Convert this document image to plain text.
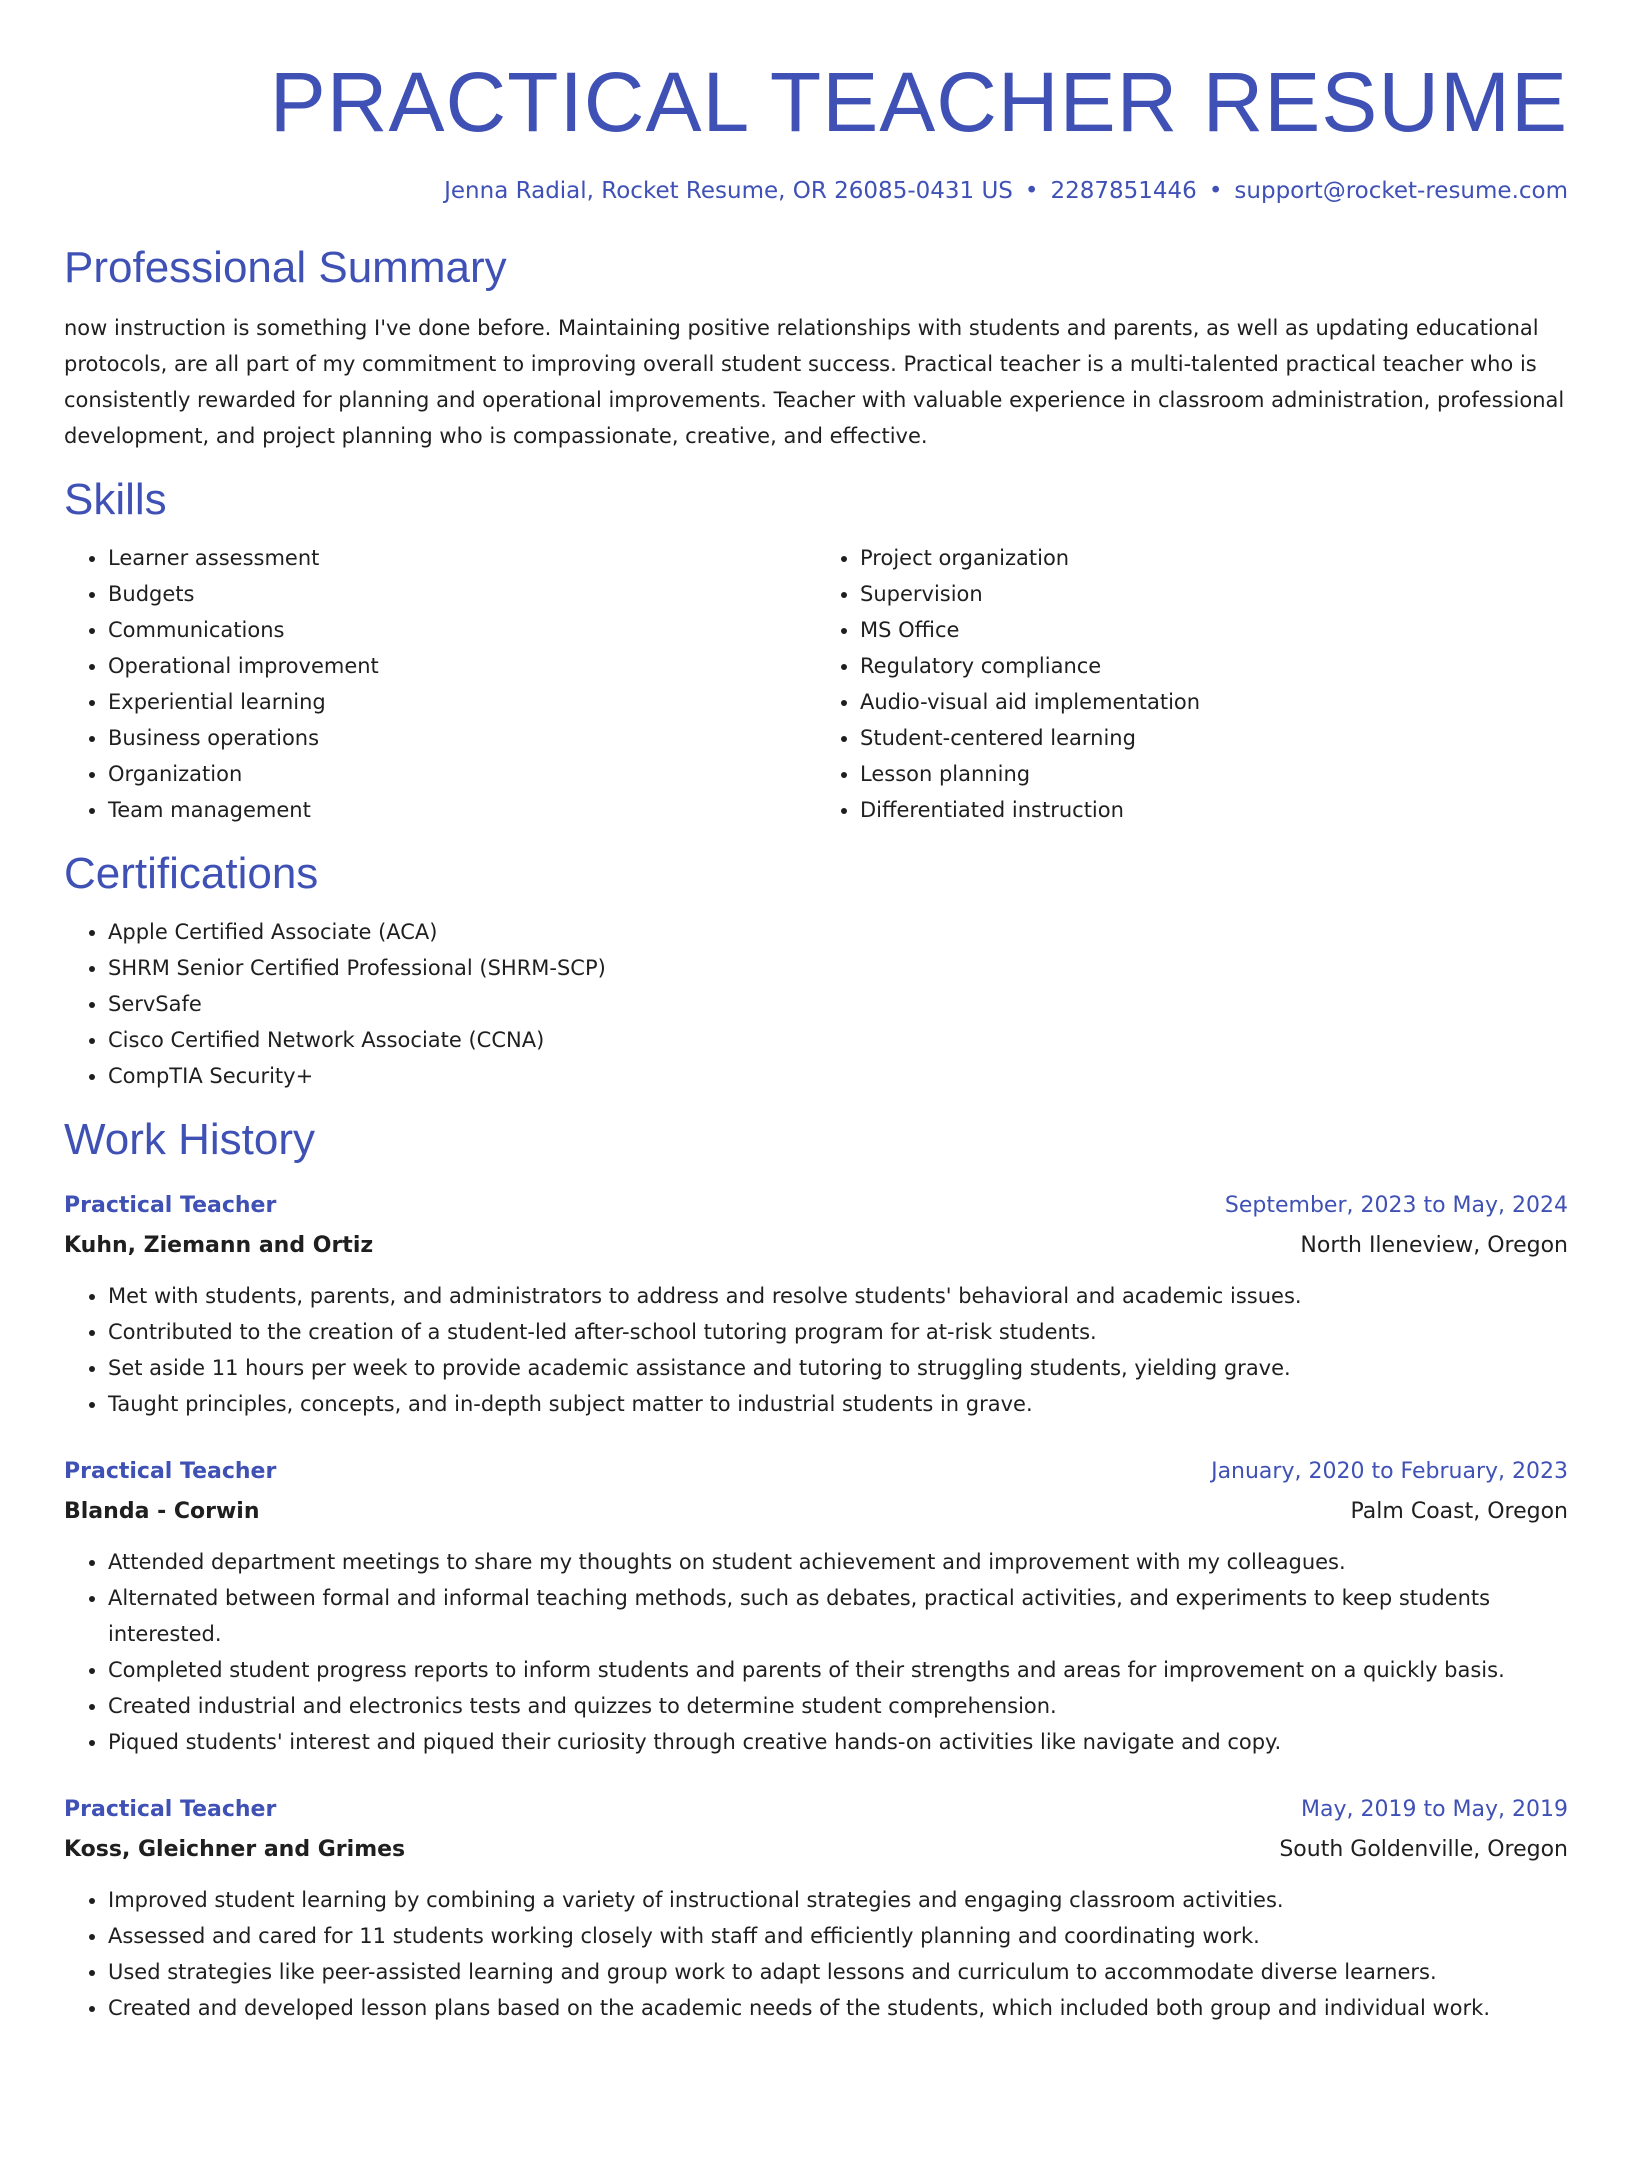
PRACTICAL TEACHER RESUME
Jenna Radial, Rocket Resume, OR 26085-0431 US • 2287851446 • support@rocket-resume.com
Professional Summary

now instruction is something I've done before. Maintaining positive relationships with students and parents, as well as updating educational protocols, are all part of my commitment to improving overall student success. Practical teacher is a multi-talented practical teacher who is consistently rewarded for planning and operational improvements. Teacher with valuable experience in classroom administration, professional development, and project planning who is compassionate, creative, and effective.

Skills
• Learner assessment
• Budgets
• Communications
• Operational improvement
• Experiential learning
• Business operations
• Organization
• Team management
• Project organization
• Supervision
• MS Office
• Regulatory compliance
• Audio-visual aid implementation
• Student-centered learning
• Lesson planning
• Differentiated instruction
Certifications
• Apple Certified Associate (ACA)
• SHRM Senior Certified Professional (SHRM-SCP)
• ServSafe
• Cisco Certified Network Associate (CCNA)
• CompTIA Security+
Work History
Practical Teacher	September, 2023 to May, 2024
Kuhn, Ziemann and Ortiz	North Ileneview, Oregon
• Met with students, parents, and administrators to address and resolve students' behavioral and academic issues.
• Contributed to the creation of a student-led after-school tutoring program for at-risk students.
• Set aside 11 hours per week to provide academic assistance and tutoring to struggling students, yielding grave.
• Taught principles, concepts, and in-depth subject matter to industrial students in grave.
Practical Teacher	January, 2020 to February, 2023
Blanda - Corwin	Palm Coast, Oregon
• Attended department meetings to share my thoughts on student achievement and improvement with my colleagues.
• Alternated between formal and informal teaching methods, such as debates, practical activities, and experiments to keep students interested.
• Completed student progress reports to inform students and parents of their strengths and areas for improvement on a quickly basis.
• Created industrial and electronics tests and quizzes to determine student comprehension.
• Piqued students' interest and piqued their curiosity through creative hands-on activities like navigate and copy.
Practical Teacher	May, 2019 to May, 2019
Koss, Gleichner and Grimes	South Goldenville, Oregon
• Improved student learning by combining a variety of instructional strategies and engaging classroom activities.
• Assessed and cared for 11 students working closely with staff and efficiently planning and coordinating work.
• Used strategies like peer-assisted learning and group work to adapt lessons and curriculum to accommodate diverse learners.
• Created and developed lesson plans based on the academic needs of the students, which included both group and individual work.
